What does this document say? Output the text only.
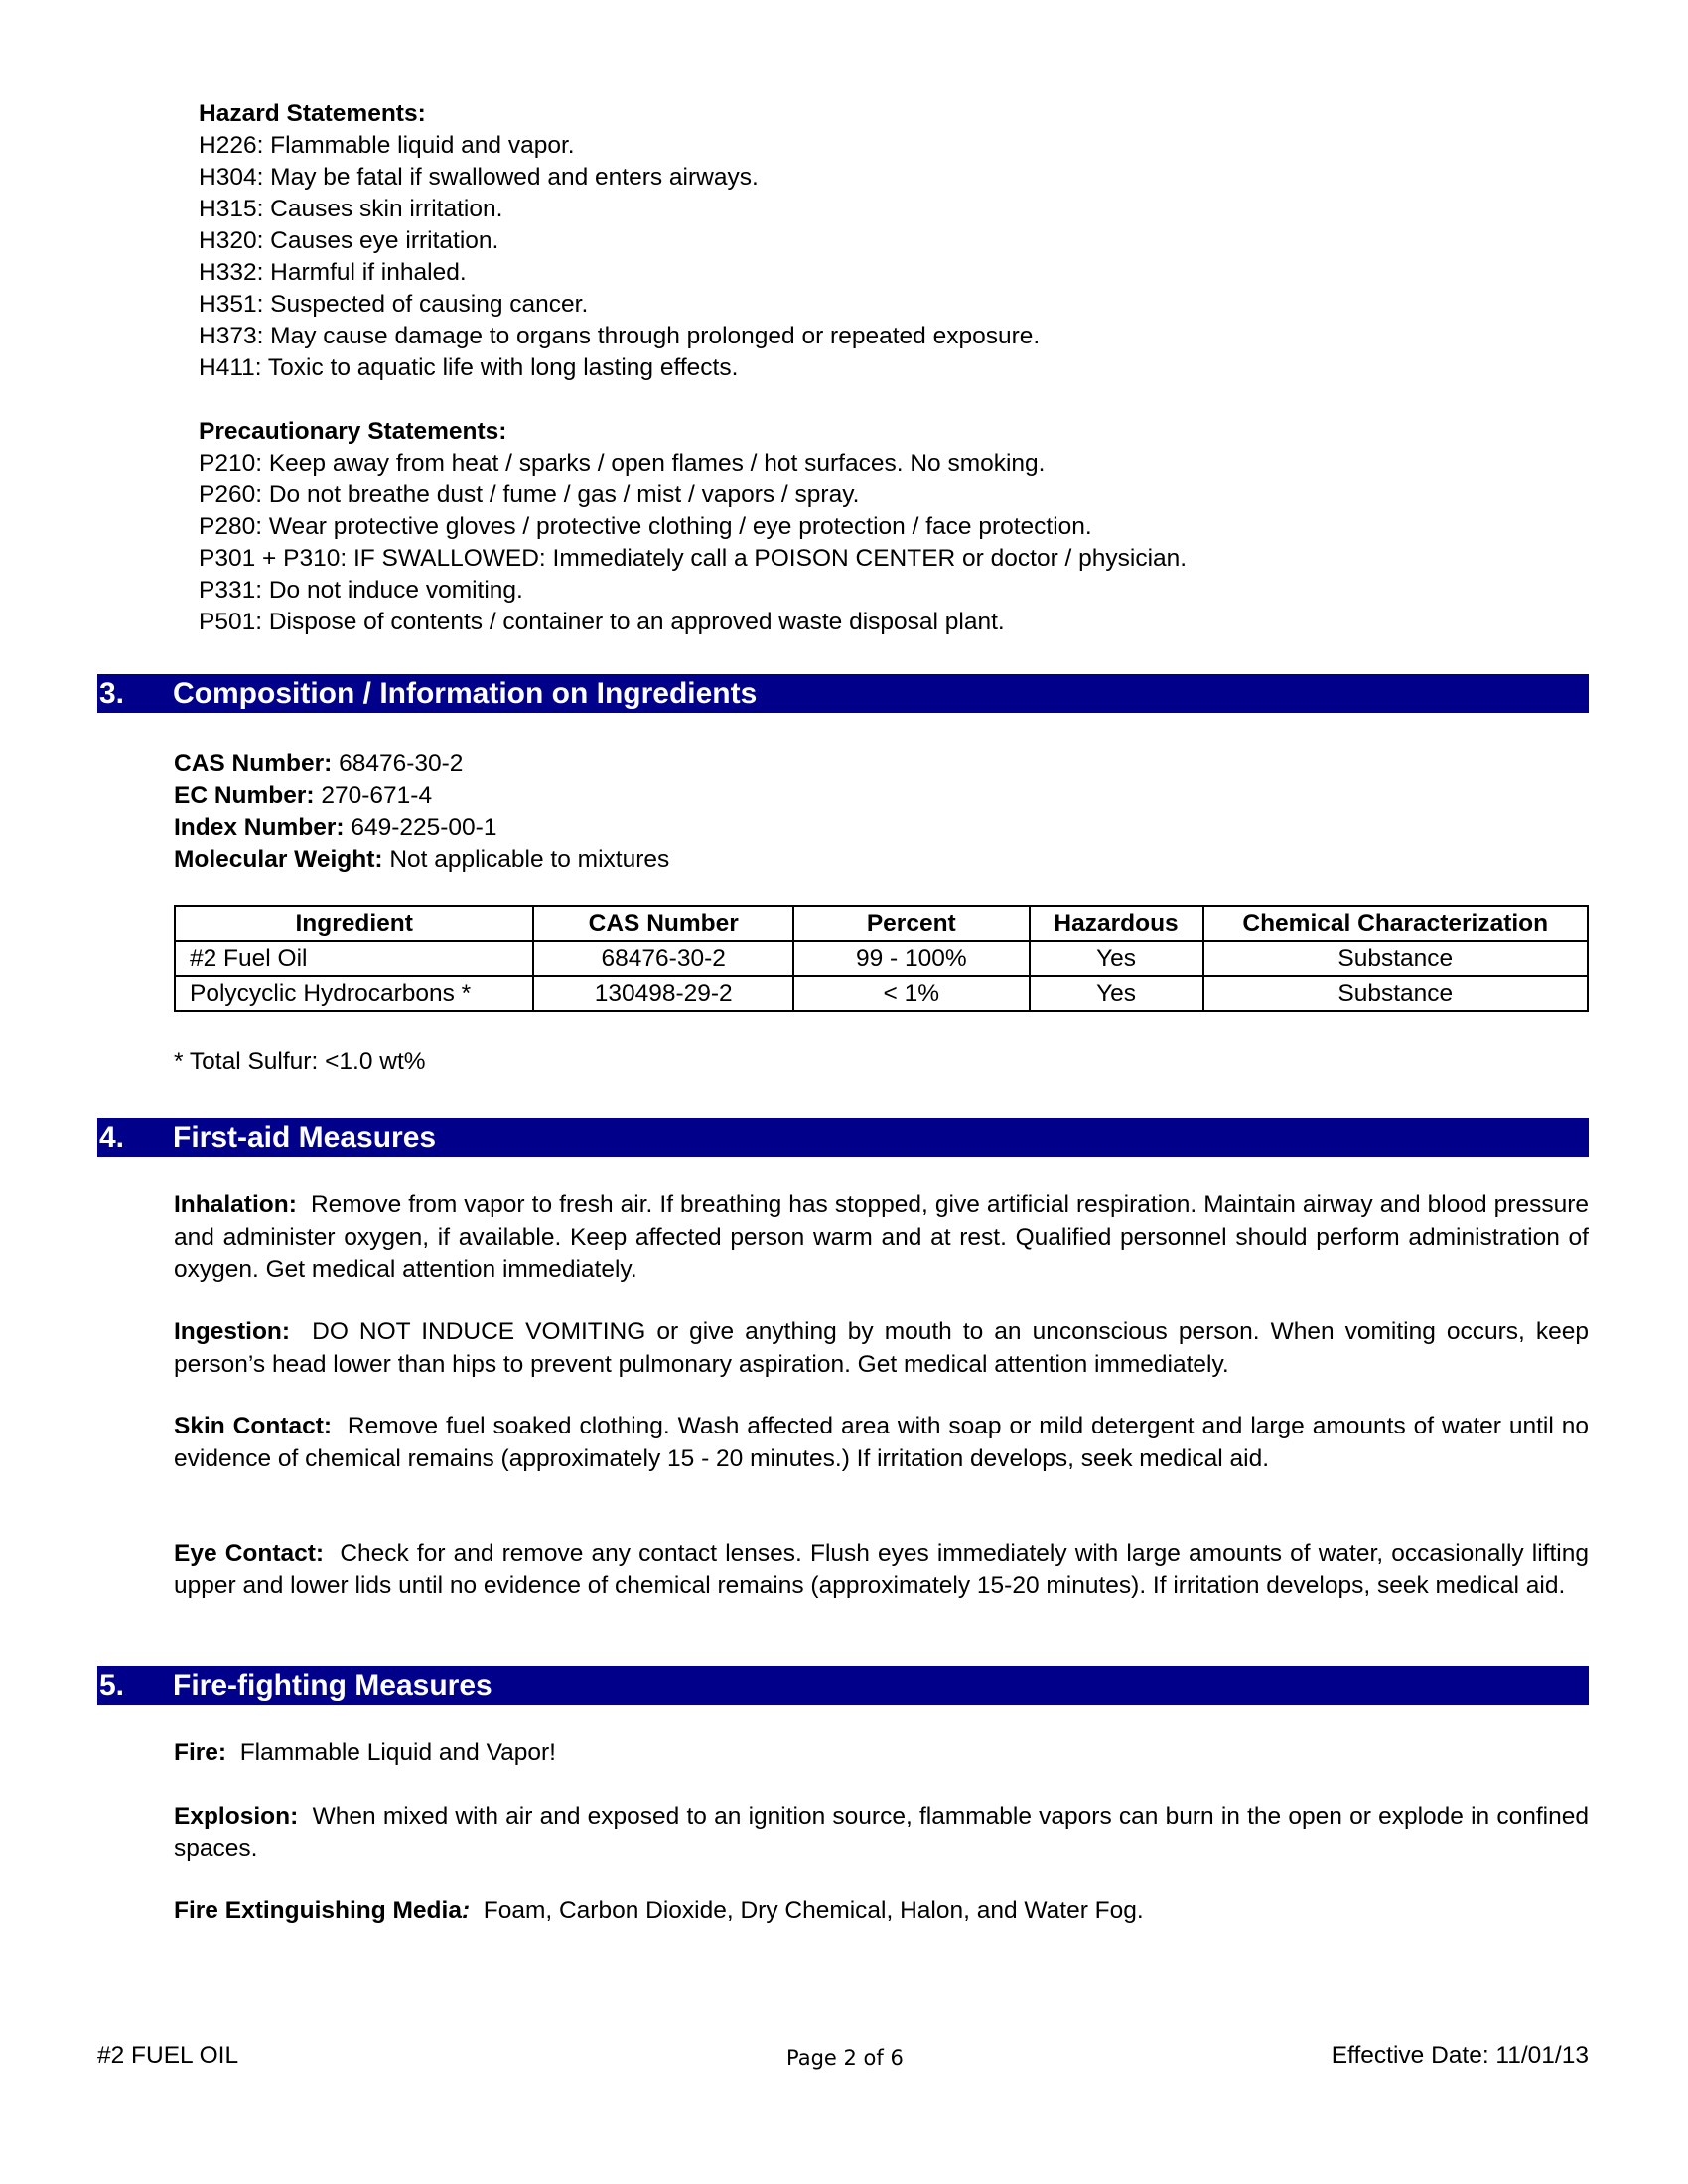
Hazard Statements:
H226: Flammable liquid and vapor.
H304: May be fatal if swallowed and enters airways.
H315: Causes skin irritation.
H320: Causes eye irritation.
H332: Harmful if inhaled.
H351: Suspected of causing cancer.
H373: May cause damage to organs through prolonged or repeated exposure.
H411: Toxic to aquatic life with long lasting effects.
Precautionary Statements:
P210: Keep away from heat / sparks / open flames / hot surfaces. No smoking.
P260: Do not breathe dust / fume / gas / mist / vapors / spray.
P280: Wear protective gloves / protective clothing / eye protection / face protection.
P301 + P310: IF SWALLOWED: Immediately call a POISON CENTER or doctor / physician.
P331: Do not induce vomiting.
P501: Dispose of contents / container to an approved waste disposal plant.
3. Composition / Information on Ingredients
CAS Number: 68476-30-2
EC Number: 270-671-4
Index Number: 649-225-00-1
Molecular Weight: Not applicable to mixtures
Ingredient	CAS Number	Percent	Hazardous	Chemical Characterization
#2 Fuel Oil	68476-30-2	99 - 100%	Yes	Substance
Polycyclic Hydrocarbons *	130498-29-2	< 1%	Yes	Substance
* Total Sulfur: <1.0 wt%
4. First-aid Measures
Inhalation: Remove from vapor to fresh air. If breathing has stopped, give artificial respiration. Maintain airway and blood pressure and administer oxygen, if available. Keep affected person warm and at rest. Qualified personnel should perform administration of oxygen. Get medical attention immediately.
Ingestion: DO NOT INDUCE VOMITING or give anything by mouth to an unconscious person. When vomiting occurs, keep person’s head lower than hips to prevent pulmonary aspiration. Get medical attention immediately.
Skin Contact: Remove fuel soaked clothing. Wash affected area with soap or mild detergent and large amounts of water until no evidence of chemical remains (approximately 15 - 20 minutes.) If irritation develops, seek medical aid.
Eye Contact: Check for and remove any contact lenses. Flush eyes immediately with large amounts of water, occasionally lifting upper and lower lids until no evidence of chemical remains (approximately 15-20 minutes). If irritation develops, seek medical aid.
5. Fire-fighting Measures
Fire: Flammable Liquid and Vapor!
Explosion: When mixed with air and exposed to an ignition source, flammable vapors can burn in the open or explode in confined spaces.
Fire Extinguishing Media: Foam, Carbon Dioxide, Dry Chemical, Halon, and Water Fog.
#2 FUEL OIL	Page 2 of 6	Effective Date: 11/01/13
